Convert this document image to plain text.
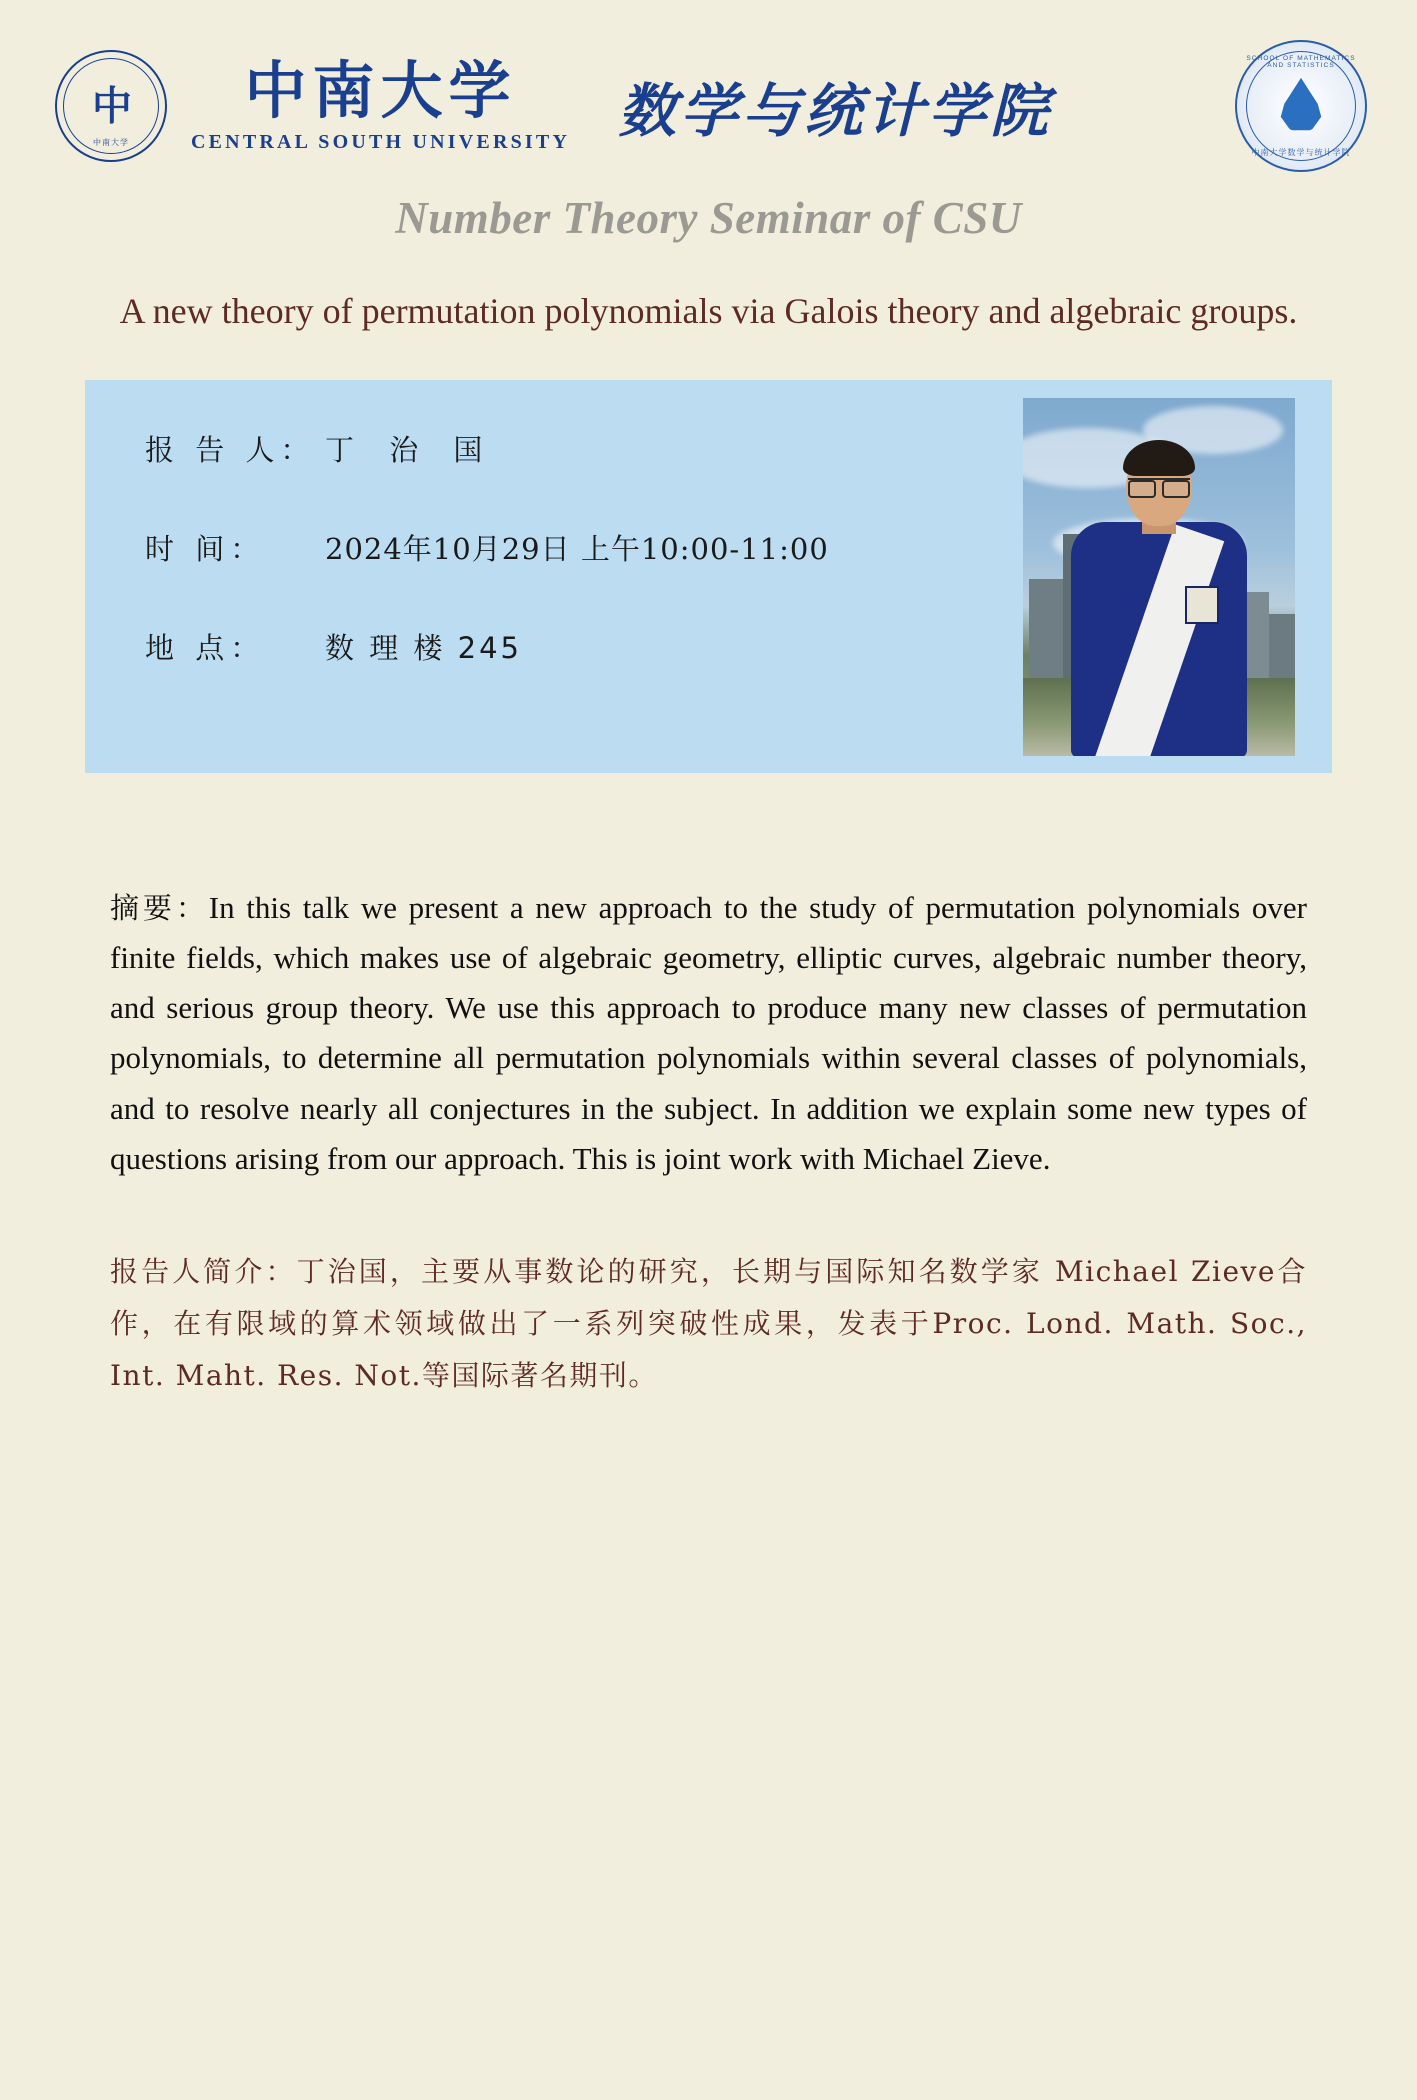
中
中南大学
中南大学
CENTRAL SOUTH UNIVERSITY 数学与统计学院
SCHOOL OF MATHEMATICS AND STATISTICS
中南大学数学与统计学院
Number Theory Seminar of CSU
A new theory of permutation polynomials via Galois theory and algebraic groups.
报 告 人： 丁 治 国
时 间：	2024年10月29日 上午10:00-11:00
地 点：	数 理 楼 245
摘要：In this talk we present a new approach to the study of permutation polynomials over finite fields, which makes use of algebraic geometry, elliptic curves, algebraic number theory, and serious group theory. We use this approach to produce many new classes of permutation polynomials, to determine all permutation polynomials within several classes of polynomials, and to resolve nearly all conjectures in the subject. In addition we explain some new types of questions arising from our approach. This is joint work with Michael Zieve.
报告人简介：丁治国，主要从事数论的研究，长期与国际知名数学家 Michael Zieve合作，在有限域的算术领域做出了一系列突破性成果，发表于Proc. Lond. Math. Soc., Int. Maht. Res. Not.等国际著名期刊。
